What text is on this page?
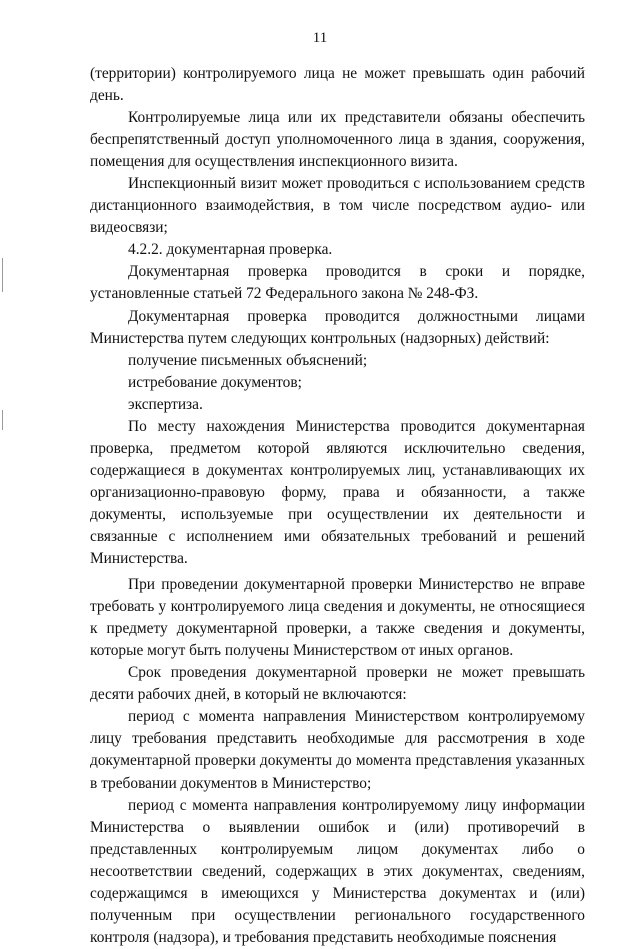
11

(территории) контролируемого лица не может превышать один рабочий день.

Контролируемые лица или их представители обязаны обеспечить беспрепятственный доступ уполномоченного лица в здания, сооружения, помещения для осуществления инспекционного визита.

Инспекционный визит может проводиться с использованием средств дистанционного взаимодействия, в том числе посредством аудио- или видеосвязи;

4.2.2. документарная проверка.

Документарная проверка проводится в сроки и порядке, установленные статьей 72 Федерального закона № 248-ФЗ.

Документарная проверка проводится должностными лицами Министерства путем следующих контрольных (надзорных) действий:

получение письменных объяснений;

истребование документов;

экспертиза.

По месту нахождения Министерства проводится документарная проверка, предметом которой являются исключительно сведения, содержащиеся в документах контролируемых лиц, устанавливающих их организационно-правовую форму, права и обязанности, а также документы, используемые при осуществлении их деятельности и связанные с исполнением ими обязательных требований и решений Министерства.

При проведении документарной проверки Министерство не вправе требовать у контролируемого лица сведения и документы, не относящиеся к предмету документарной проверки, а также сведения и документы, которые могут быть получены Министерством от иных органов.

Срок проведения документарной проверки не может превышать десяти рабочих дней, в который не включаются:

период с момента направления Министерством контролируемому лицу требования представить необходимые для рассмотрения в ходе документарной проверки документы до момента представления указанных в требовании документов в Министерство;

период с момента направления контролируемому лицу информации Министерства о выявлении ошибок и (или) противоречий в представленных контролируемым лицом документах либо о несоответствии сведений, содержащих в этих документах, сведениям, содержащимся в имеющихся у Министерства документах и (или) полученным при осуществлении регионального государственного контроля (надзора), и требования представить необходимые пояснения
